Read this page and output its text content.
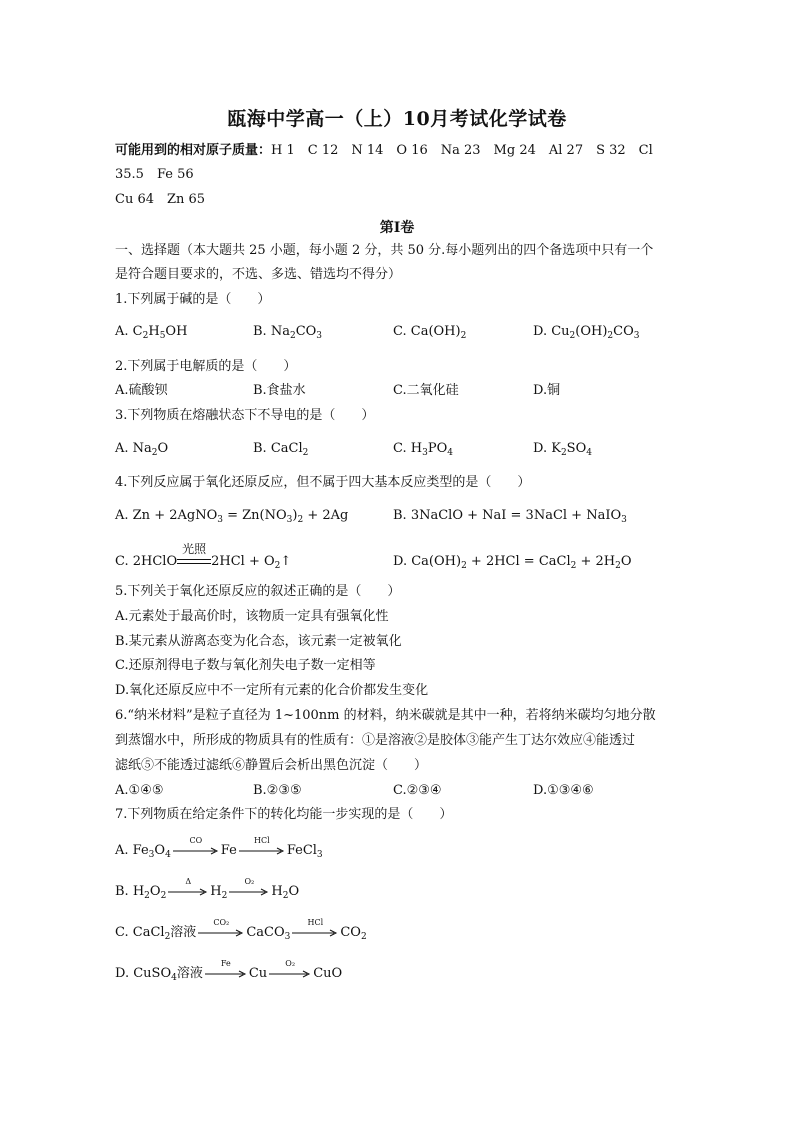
瓯海中学高一（上）10月考试化学试卷
可能用到的相对原子质量：H 1　C 12　N 14　O 16　Na 23　Mg 24　Al 27　S 32　Cl
35.5　Fe 56
Cu 64　Zn 65
第Ⅰ卷
一、选择题（本大题共 25 小题，每小题 2 分，共 50 分.每小题列出的四个备选项中只有一个
是符合题目要求的，不选、多选、错选均不得分）
1.下列属于碱的是（　　）
A. $C_2H_5OH$	B. $Na_2CO_3$	C. $Ca(OH)_2$	D. $Cu_2(OH)_2CO_3$
2.下列属于电解质的是（　　）
A.硫酸钡	B.食盐水	C.二氧化硅	D.铜
3.下列物质在熔融状态下不导电的是（　　）
A. $Na_2O$	B. CaCl$_2$	C. $H_3PO_4$	D. $K_2SO_4$
4.下列反应属于氧化还原反应，但不属于四大基本反应类型的是（　　）
A. Zn + 2AgNO$_3$ = $Zn(NO_3)_2 + 2Ag$	B. 3NaClO + NaI = 3NaCl + NaIO$_3$
C. 2HClO
光照
$2HCl + O_2↑$	D. $Ca(OH)_2 + 2HCl$ = CaCl$_2$ + $2H_2O$
5.下列关于氧化还原反应的叙述正确的是（　　）
A.元素处于最高价时，该物质一定具有强氧化性
B.某元素从游离态变为化合态，该元素一定被氧化
C.还原剂得电子数与氧化剂失电子数一定相等
D.氧化还原反应中不一定所有元素的化合价都发生变化
6.“纳米材料”是粒子直径为 1~100nm 的材料，纳米碳就是其中一种，若将纳米碳均匀地分散
到蒸馏水中，所形成的物质具有的性质有：①是溶液②是胶体③能产生丁达尔效应④能透过
滤纸⑤不能透过滤纸⑥静置后会析出黑色沉淀（　　）
A.①④⑤	B.②③⑤	C.②③④	D.①③④⑥
7.下列物质在给定条件下的转化均能一步实现的是（　　）
A. $Fe_3O_4$
CO
Fe
HCl
FeCl$_3$
B. $H_2O_2$
Δ
$H_2$
O₂
$H_2O$
C. CaCl$_2$溶液
CO₂
CaCO$_3$
HCl
$CO_2$
D. CuSO$_4$溶液
Fe
Cu
O₂
CuO
